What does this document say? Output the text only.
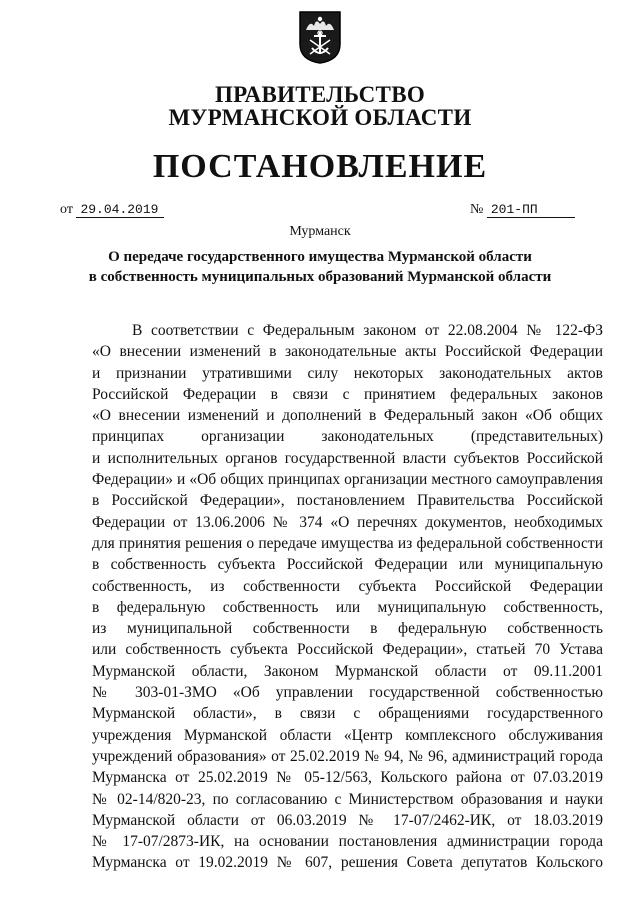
ПРАВИТЕЛЬСТВО
МУРМАНСКОЙ ОБЛАСТИ
ПОСТАНОВЛЕНИЕ
от 29.04.2019	№ 201-ПП
Мурманск
О передаче государственного имущества Мурманской области
в собственность муниципальных образований Мурманской области
В соответствии с Федеральным законом от 22.08.2004 № 122-ФЗ
«О внесении изменений в законодательные акты Российской Федерации
и признании утратившими силу некоторых законодательных актов
Российской Федерации в связи с принятием федеральных законов
«О внесении изменений и дополнений в Федеральный закон «Об общих
принципах организации законодательных (представительных)
и исполнительных органов государственной власти субъектов Российской
Федерации» и «Об общих принципах организации местного самоуправления
в Российской Федерации», постановлением Правительства Российской
Федерации от 13.06.2006 № 374 «О перечнях документов, необходимых
для принятия решения о передаче имущества из федеральной собственности
в собственность субъекта Российской Федерации или муниципальную
собственность, из собственности субъекта Российской Федерации
в федеральную собственность или муниципальную собственность,
из муниципальной собственности в федеральную собственность
или собственность субъекта Российской Федерации», статьей 70 Устава
Мурманской области, Законом Мурманской области от 09.11.2001
№ 303-01-ЗМО «Об управлении государственной собственностью
Мурманской области», в связи с обращениями государственного
учреждения Мурманской области «Центр комплексного обслуживания
учреждений образования» от 25.02.2019 № 94, № 96, администраций города
Мурманска от 25.02.2019 № 05-12/563, Кольского района от 07.03.2019
№ 02-14/820-23, по согласованию с Министерством образования и науки
Мурманской области от 06.03.2019 № 17-07/2462-ИК, от 18.03.2019
№ 17-07/2873-ИК, на основании постановления администрации города
Мурманска от 19.02.2019 № 607, решения Совета депутатов Кольского
